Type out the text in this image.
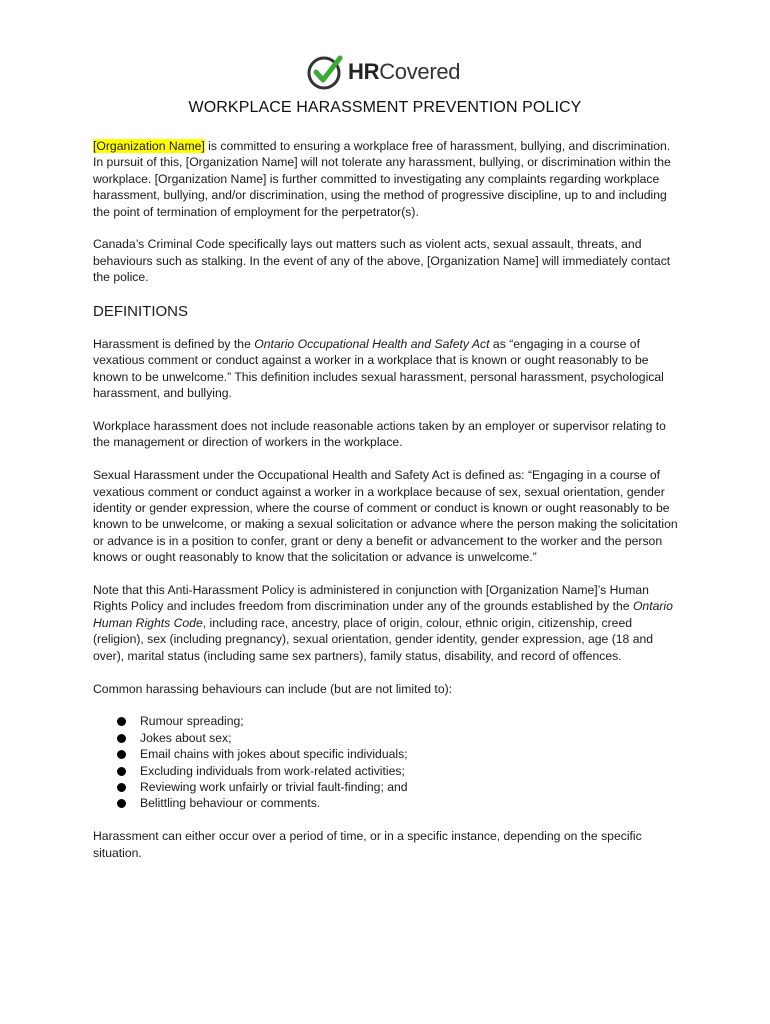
HRCovered
WORKPLACE HARASSMENT PREVENTION POLICY

[Organization Name] is committed to ensuring a workplace free of harassment, bullying, and discrimination. In pursuit of this, [Organization Name] will not tolerate any harassment, bullying, or discrimination within the workplace. [Organization Name] is further committed to investigating any complaints regarding workplace harassment, bullying, and/or discrimination, using the method of progressive discipline, up to and including the point of termination of employment for the perpetrator(s).

Canada’s Criminal Code specifically lays out matters such as violent acts, sexual assault, threats, and behaviours such as stalking. In the event of any of the above, [Organization Name] will immediately contact the police.

DEFINITIONS

Harassment is defined by the Ontario Occupational Health and Safety Act as “engaging in a course of vexatious comment or conduct against a worker in a workplace that is known or ought reasonably to be known to be unwelcome.” This definition includes sexual harassment, personal harassment, psychological harassment, and bullying.

Workplace harassment does not include reasonable actions taken by an employer or supervisor relating to the management or direction of workers in the workplace.

Sexual Harassment under the Occupational Health and Safety Act is defined as: “Engaging in a course of vexatious comment or conduct against a worker in a workplace because of sex, sexual orientation, gender identity or gender expression, where the course of comment or conduct is known or ought reasonably to be known to be unwelcome, or making a sexual solicitation or advance where the person making the solicitation or advance is in a position to confer, grant or deny a benefit or advancement to the worker and the person knows or ought reasonably to know that the solicitation or advance is unwelcome.”

Note that this Anti-Harassment Policy is administered in conjunction with [Organization Name]’s Human Rights Policy and includes freedom from discrimination under any of the grounds established by the Ontario Human Rights Code, including race, ancestry, place of origin, colour, ethnic origin, citizenship, creed (religion), sex (including pregnancy), sexual orientation, gender identity, gender expression, age (18 and over), marital status (including same sex partners), family status, disability, and record of offences.

Common harassing behaviours can include (but are not limited to):

Rumour spreading;
Jokes about sex;
Email chains with jokes about specific individuals;
Excluding individuals from work-related activities;
Reviewing work unfairly or trivial fault-finding; and
Belittling behaviour or comments.

Harassment can either occur over a period of time, or in a specific instance, depending on the specific situation.
